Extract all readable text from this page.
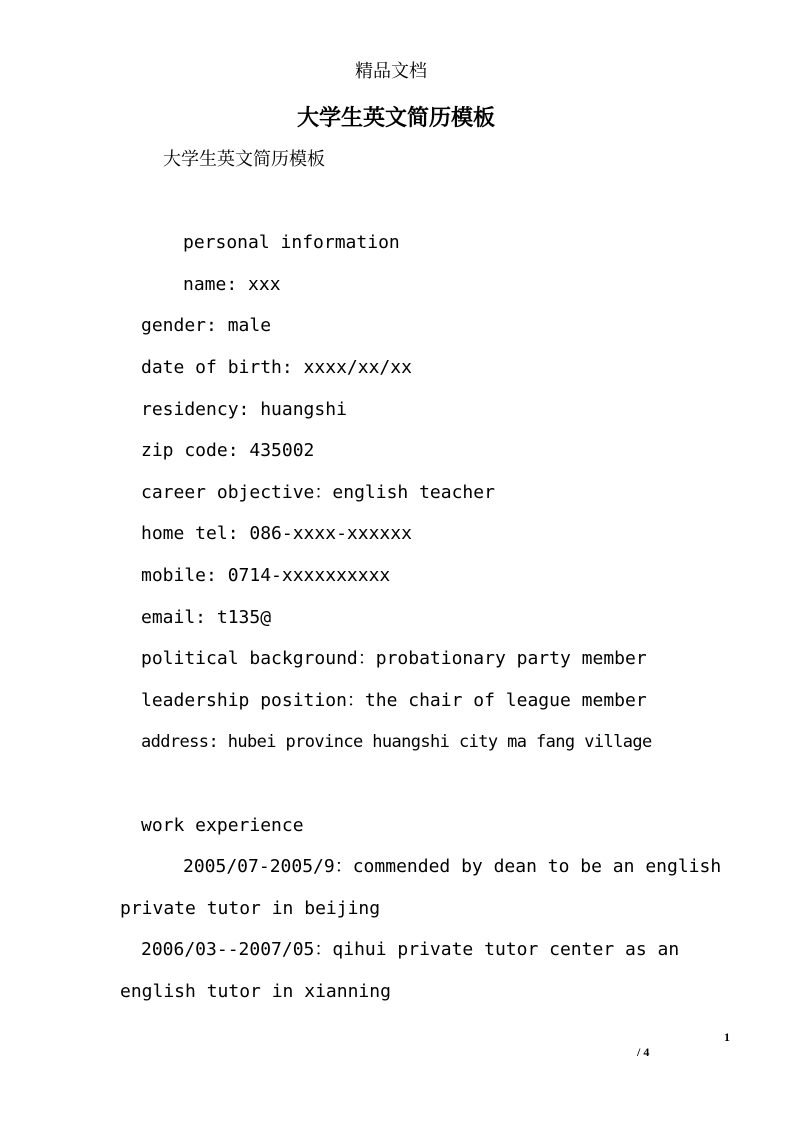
精品文档
大学生英文简历模板
大学生英文简历模板
personal information
name: xxx
gender: male
date of birth: xxxx/xx/xx
residency: huangshi
zip code: 435002
career objective：english teacher
home tel: 086-xxxx-xxxxxx
mobile: 0714-xxxxxxxxxx
email: t135@
political background：probationary party member
leadership position：the chair of league member
address: hubei province huangshi city ma fang village
work experience
2005/07-2005/9：commended by dean to be an english
private tutor in beijing
2006/03--2007/05：qihui private tutor center as an
english tutor in xianning
1
/ 4
